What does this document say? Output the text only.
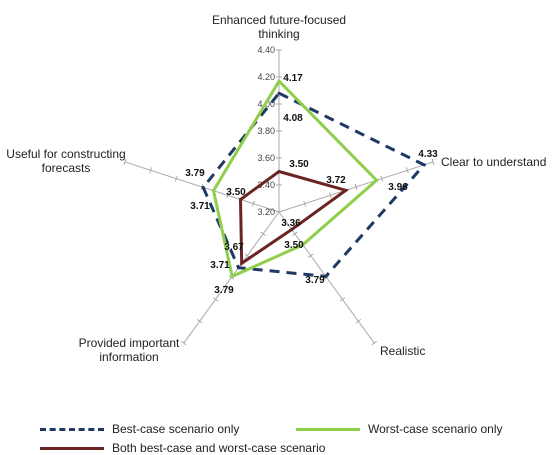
3.20
3.40
3.60
3.80
4.00
4.20
4.40
Enhanced future-focused thinking
Clear to understand
Realistic
Provided important information
Useful for constructing forecasts
4.08
4.33
3.79
3.71
3.79
4.17
3.96
3.50
3.79
3.71
3.50
3.72
3.36
3.67
3.50
Best-case scenario only	Worst-case scenario only
Both best-case and worst-case scenario
